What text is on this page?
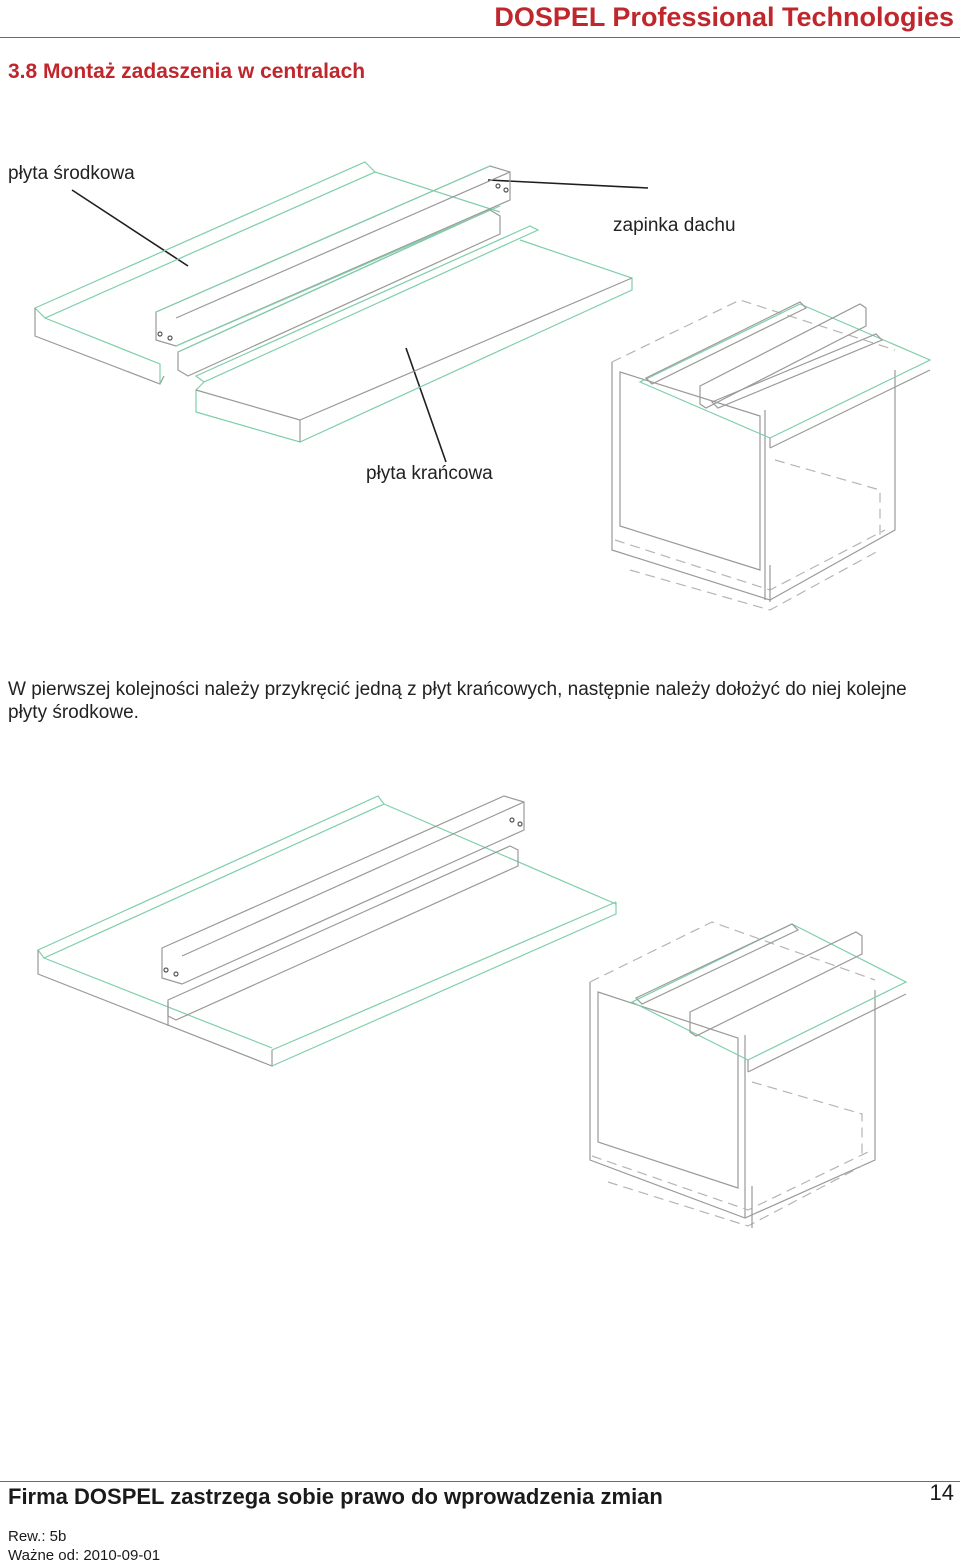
DOSPEL Professional Technologies
3.8 Montaż zadaszenia w centralach
płyta środkowa
zapinka dachu
płyta krańcowa
W pierwszej kolejności należy przykręcić jedną z płyt krańcowych, następnie należy dołożyć do niej kolejne płyty środkowe.
Firma DOSPEL zastrzega sobie prawo do wprowadzenia zmian	14
Rew.: 5b
Ważne od: 2010-09-01
